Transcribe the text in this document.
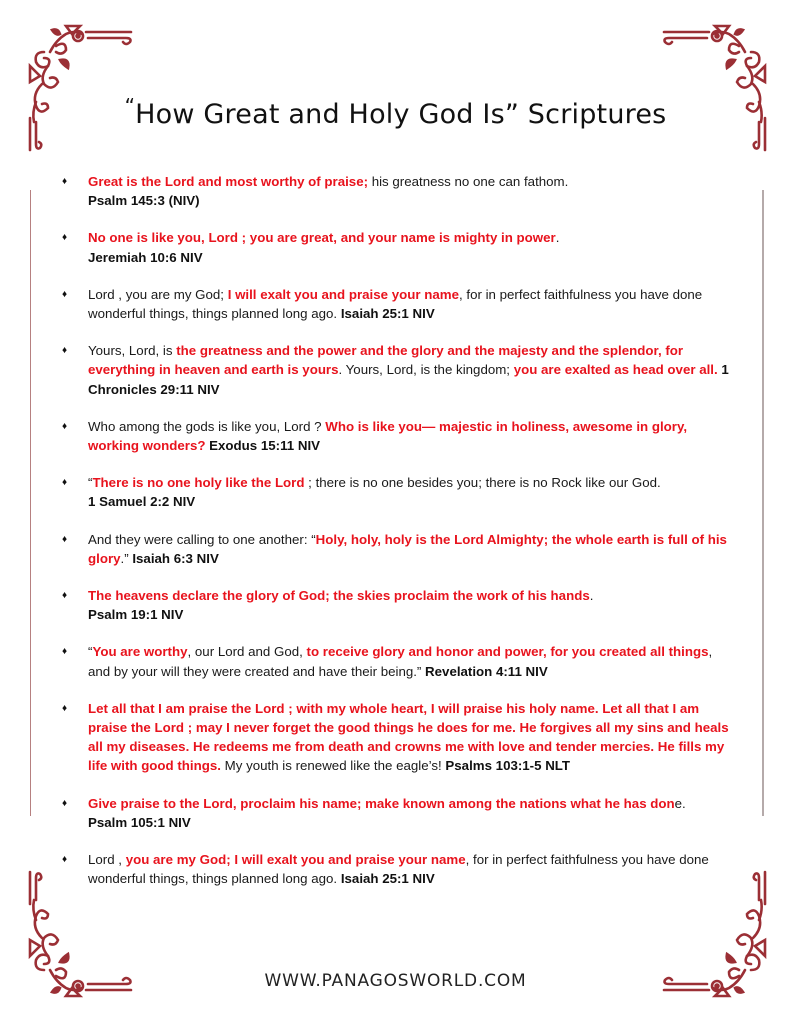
“How Great and Holy God Is” Scriptures
♦ Great is the Lord and most worthy of praise; his greatness no one can fathom.
Psalm 145:3 (NIV)
♦ No one is like you, Lord ; you are great, and your name is mighty in power.
Jeremiah 10:6 NIV
♦ Lord , you are my God; I will exalt you and praise your name, for in perfect faithfulness you have done wonderful things, things planned long ago. Isaiah 25:1 NIV
♦ Yours, Lord, is the greatness and the power and the glory and the majesty and the splendor, for everything in heaven and earth is yours. Yours, Lord, is the kingdom; you are exalted as head over all. 1 Chronicles 29:11 NIV
♦ Who among the gods is like you, Lord ? Who is like you— majestic in holiness, awesome in glory, working wonders? Exodus 15:11 NIV
♦ “There is no one holy like the Lord ; there is no one besides you; there is no Rock like our God.
1 Samuel 2:2 NIV
♦ And they were calling to one another: “Holy, holy, holy is the Lord Almighty; the whole earth is full of his glory.” Isaiah 6:3 NIV
♦ The heavens declare the glory of God; the skies proclaim the work of his hands.
Psalm 19:1 NIV
♦ “You are worthy, our Lord and God, to receive glory and honor and power, for you created all things, and by your will they were created and have their being.” Revelation 4:11 NIV
♦ Let all that I am praise the Lord ; with my whole heart, I will praise his holy name. Let all that I am praise the Lord ; may I never forget the good things he does for me. He forgives all my sins and heals all my diseases. He redeems me from death and crowns me with love and tender mercies. He fills my life with good things. My youth is renewed like the eagle’s! Psalms 103:1-5 NLT
♦ Give praise to the Lord, proclaim his name; make known among the nations what he has done.
Psalm 105:1 NIV
♦ Lord , you are my God; I will exalt you and praise your name, for in perfect faithfulness you have done wonderful things, things planned long ago. Isaiah 25:1 NIV
WWW.PANAGOSWORLD.COM
